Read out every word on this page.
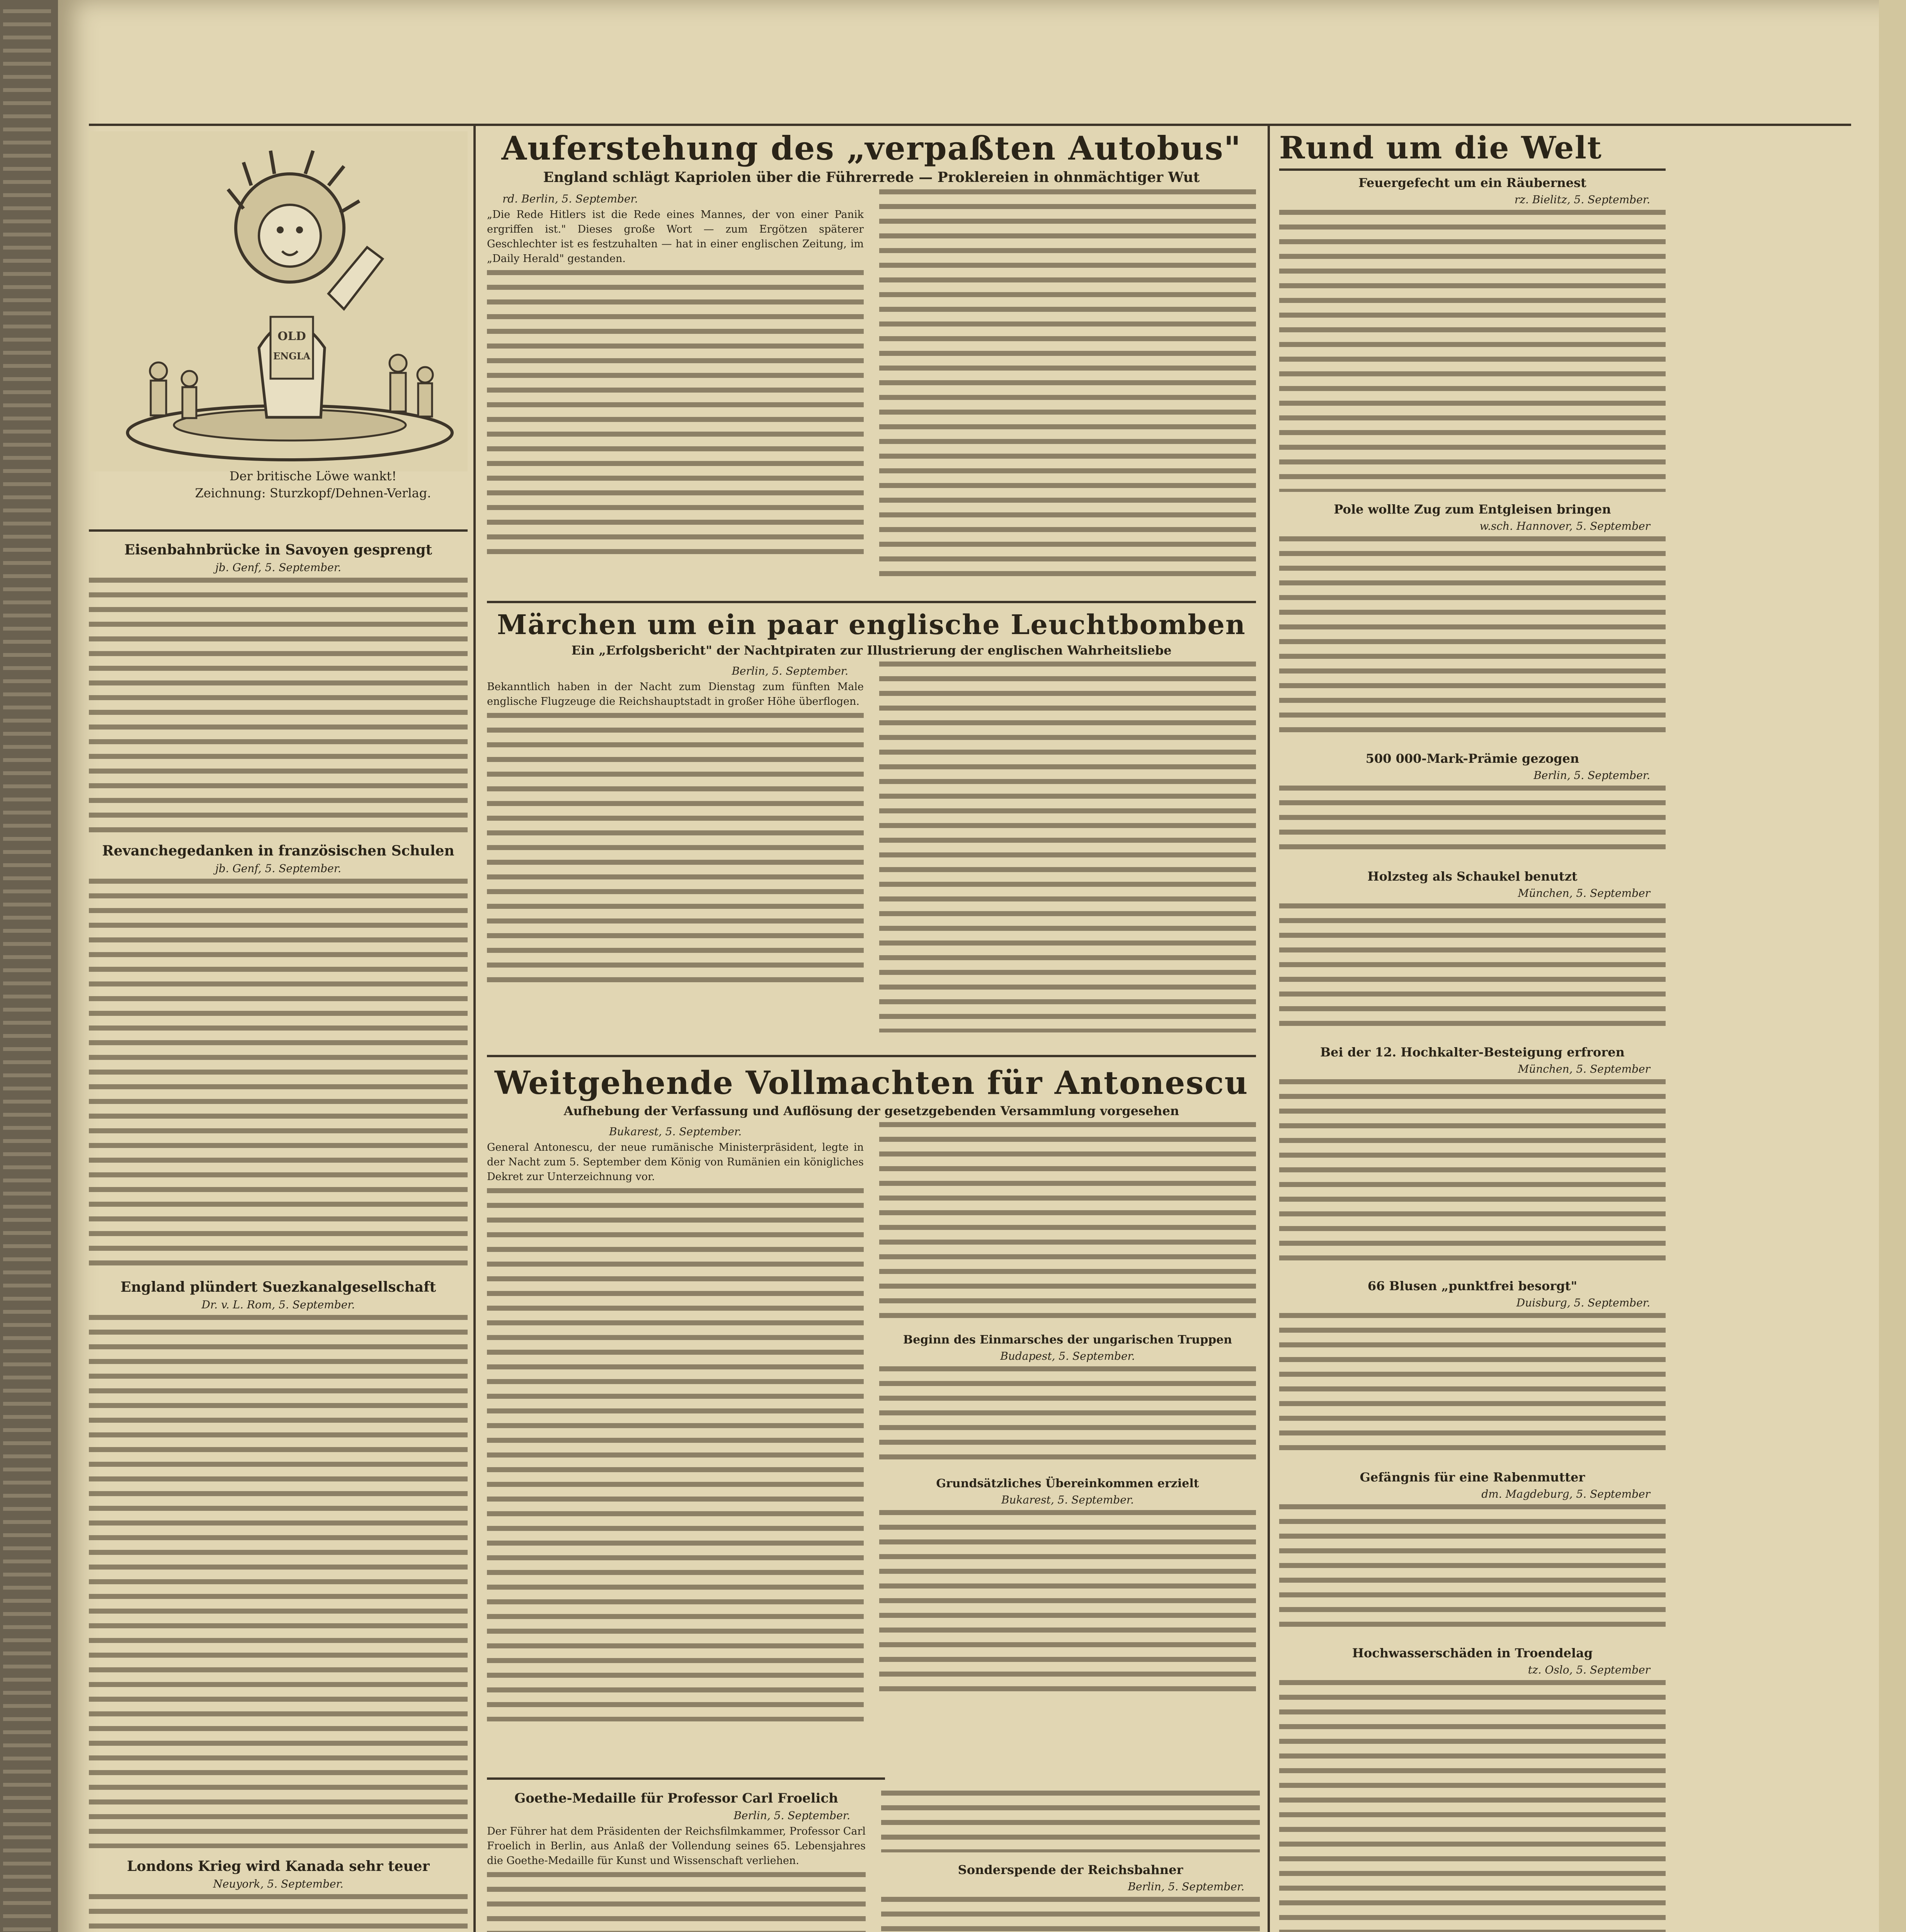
OLD
ENGLA
Der britische Löwe wankt!
Zeichnung: Sturzkopf/Dehnen-Verlag.
Eisenbahnbrücke in Savoyen gesprengt
jb. Genf, 5. September.
Revanchegedanken in französischen Schulen
jb. Genf, 5. September.
England plündert Suezkanalgesellschaft
Dr. v. L. Rom, 5. September.
Londons Krieg wird Kanada sehr teuer
Neuyork, 5. September.
Auferstehung des „verpaßten Autobus"
England schlägt Kapriolen über die Führerrede — Proklereien in ohnmächtiger Wut
rd. Berlin, 5. September.

„Die Rede Hitlers ist die Rede eines Mannes, der von einer Panik ergriffen ist." Dieses große Wort — zum Ergötzen späterer Geschlechter ist es festzuhalten — hat in einer englischen Zeitung, im „Daily Herald" gestanden.

Märchen um ein paar englische Leuchtbomben
Ein „Erfolgsbericht" der Nachtpiraten zur Illustrierung der englischen Wahrheitsliebe
Berlin, 5. September.

Bekanntlich haben in der Nacht zum Dienstag zum fünften Male englische Flugzeuge die Reichshauptstadt in großer Höhe überflogen.

Weitgehende Vollmachten für Antonescu
Aufhebung der Verfassung und Auflösung der gesetzgebenden Versammlung vorgesehen
Bukarest, 5. September.

General Antonescu, der neue rumänische Ministerpräsident, legte in der Nacht zum 5. September dem König von Rumänien ein königliches Dekret zur Unterzeichnung vor.

Beginn des Einmarsches der ungarischen Truppen
Budapest, 5. September.
Grundsätzliches Übereinkommen erzielt
Bukarest, 5. September.
Goethe-Medaille für Professor Carl Froelich
Berlin, 5. September.

Der Führer hat dem Präsidenten der Reichsfilmkammer, Professor Carl Froelich in Berlin, aus Anlaß der Vollendung seines 65. Lebensjahres die Goethe-Medaille für Kunst und Wissenschaft verliehen.

Sonderspende der Reichsbahner
Berlin, 5. September.

Rund um die Welt
Feuergefecht um ein Räubernest
rz. Bielitz, 5. September.
Pole wollte Zug zum Entgleisen bringen
w.sch. Hannover, 5. September
500 000-Mark-Prämie gezogen
Berlin, 5. September.
Holzsteg als Schaukel benutzt
München, 5. September
Bei der 12. Hochkalter-Besteigung erfroren
München, 5. September
66 Blusen „punktfrei besorgt"
Duisburg, 5. September.
Gefängnis für eine Rabenmutter
dm. Magdeburg, 5. September
Hochwasserschäden in Troendelag
tz. Oslo, 5. September
